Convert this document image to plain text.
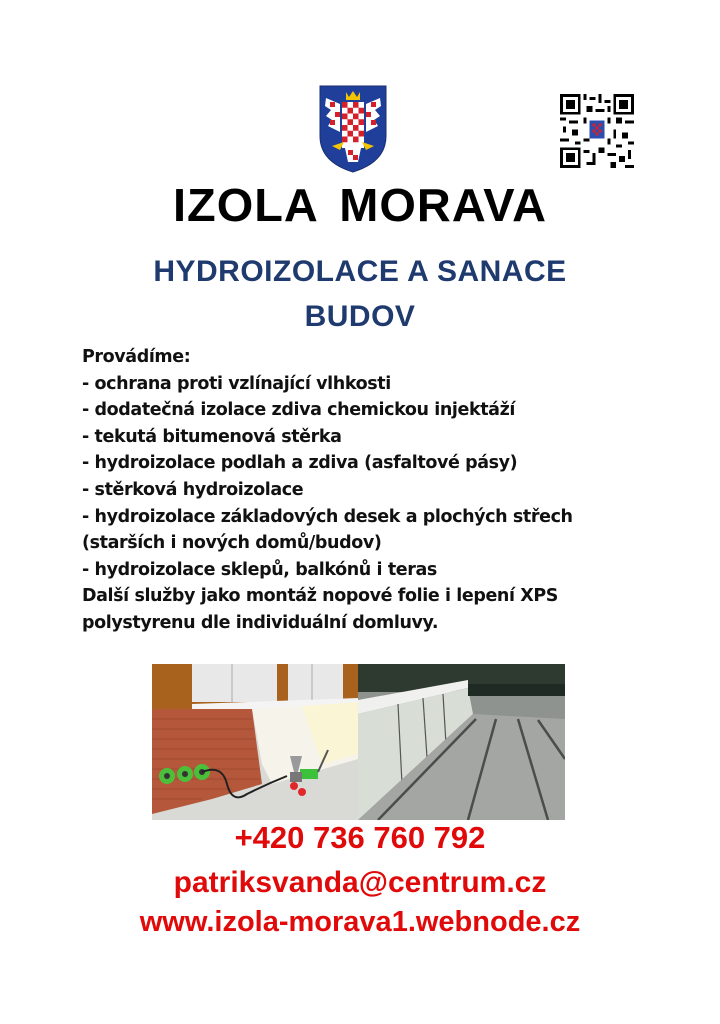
IZOLA MORAVA
HYDROIZOLACE A SANACE
BUDOV
Provádíme:
- ochrana proti vzlínající vlhkosti
- dodatečná izolace zdiva chemickou injektáží
- tekutá bitumenová stěrka
- hydroizolace podlah a zdiva (asfaltové pásy)
- stěrková hydroizolace
- hydroizolace základových desek a plochých střech
(starších i nových domů/budov)
- hydroizolace sklepů, balkónů i teras
Další služby jako montáž nopové folie i lepení XPS
polystyrenu dle individuální domluvy.
+420 736 760 792
patriksvanda@centrum.cz
www.izola-morava1.webnode.cz
